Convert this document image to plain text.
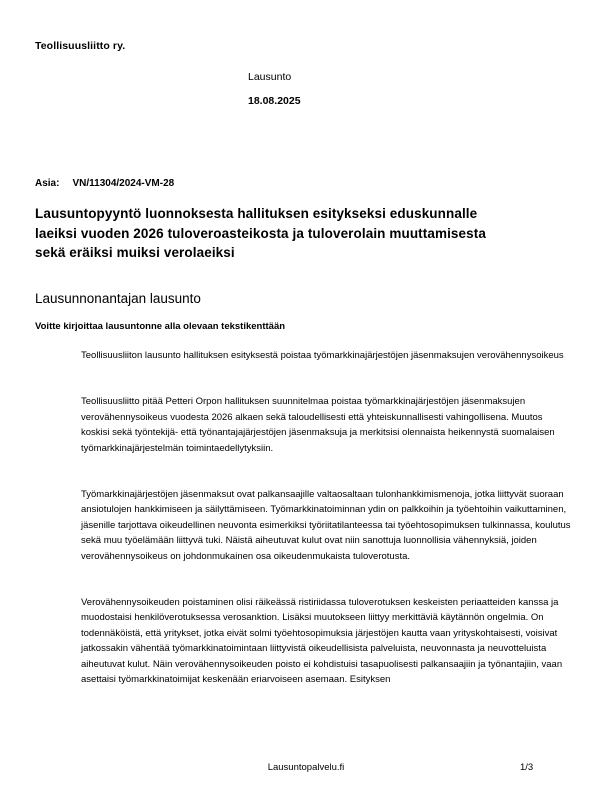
Teollisuusliitto ry.
Lausunto
18.08.2025
Asia: VN/11304/2024-VM-28
Lausuntopyyntö luonnoksesta hallituksen esitykseksi eduskunnalle laeiksi vuoden 2026 tuloveroasteikosta ja tuloverolain muuttamisesta sekä eräiksi muiksi verolaeiksi
Lausunnonantajan lausunto
Voitte kirjoittaa lausuntonne alla olevaan tekstikenttään

Teollisuusliiton lausunto hallituksen esityksestä poistaa työmarkkinajärjestöjen jäsenmaksujen verovähennysoikeus

Teollisuusliitto pitää Petteri Orpon hallituksen suunnitelmaa poistaa työmarkkinajärjestöjen jäsenmaksujen verovähennysoikeus vuodesta 2026 alkaen sekä taloudellisesti että yhteiskunnallisesti vahingollisena. Muutos koskisi sekä työntekijä- että työnantajajärjestöjen jäsenmaksuja ja merkitsisi olennaista heikennystä suomalaisen työmarkkinajärjestelmän toimintaedellytyksiin.

Työmarkkinajärjestöjen jäsenmaksut ovat palkansaajille valtaosaltaan tulonhankkimismenoja, jotka liittyvät suoraan ansiotulojen hankkimiseen ja säilyttämiseen. Työmarkkinatoiminnan ydin on palkkoihin ja työehtoihin vaikuttaminen, jäsenille tarjottava oikeudellinen neuvonta esimerkiksi työriitatilanteessa tai työehtosopimuksen tulkinnassa, koulutus sekä muu työelämään liittyvä tuki. Näistä aiheutuvat kulut ovat niin sanottuja luonnollisia vähennyksiä, joiden verovähennysoikeus on johdonmukainen osa oikeudenmukaista tuloverotusta.

Verovähennysoikeuden poistaminen olisi räikeässä ristiriidassa tuloverotuksen keskeisten periaatteiden kanssa ja muodostaisi henkilöverotuksessa verosanktion. Lisäksi muutokseen liittyy merkittäviä käytännön ongelmia. On todennäköistä, että yritykset, jotka eivät solmi työehtosopimuksia järjestöjen kautta vaan yrityskohtaisesti, voisivat jatkossakin vähentää työmarkkinatoimintaan liittyvistä oikeudellisista palveluista, neuvonnasta ja neuvotteluista aiheutuvat kulut. Näin verovähennysoikeuden poisto ei kohdistuisi tasapuolisesti palkansaajiin ja työnantajiin, vaan asettaisi työmarkkinatoimijat keskenään eriarvoiseen asemaan. Esityksen

Lausuntopalvelu.fi	1/3
